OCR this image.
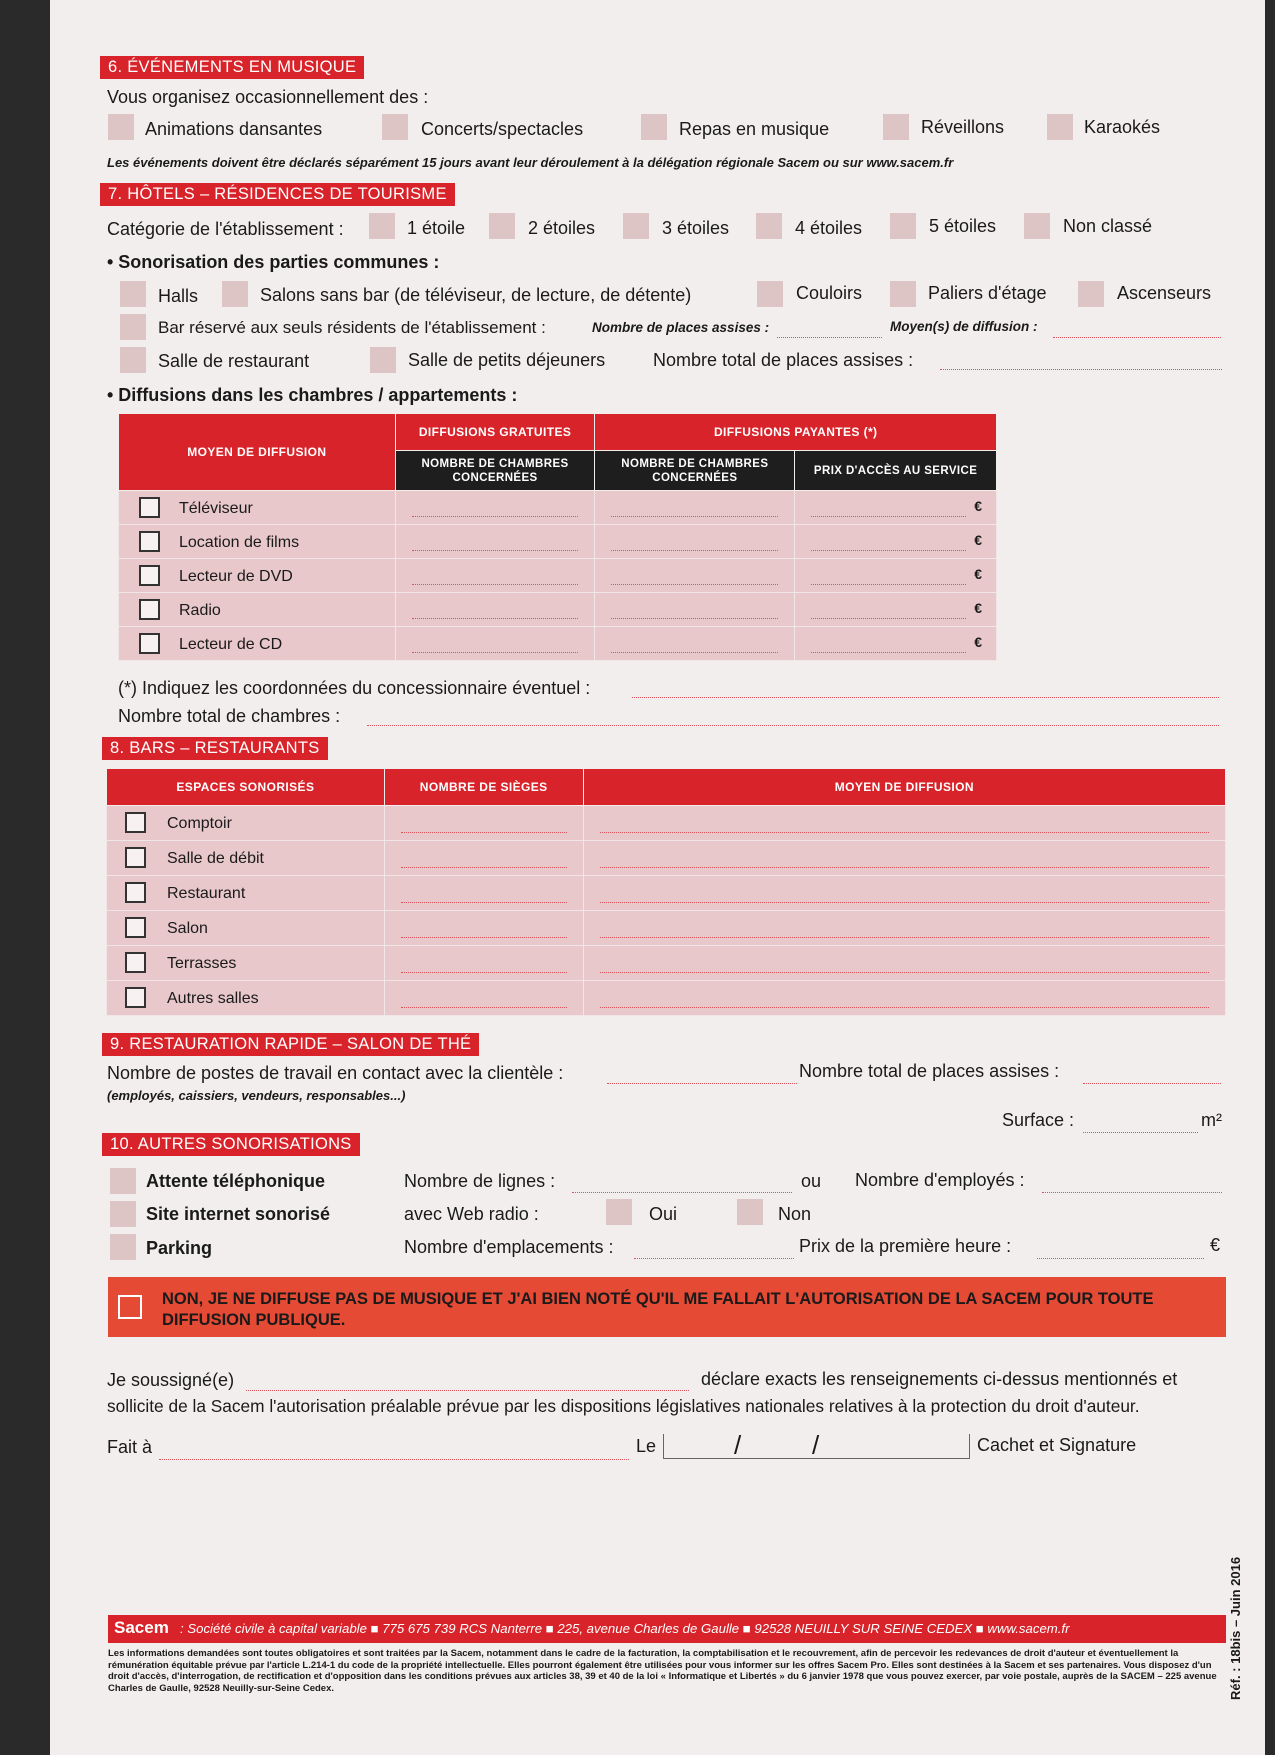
6. ÉVÉNEMENTS EN MUSIQUE
Vous organisez occasionnellement des :
Animations dansantes	Concerts/spectacles	Repas en musique	Réveillons	Karaokés
Les événements doivent être déclarés séparément 15 jours avant leur déroulement à la délégation régionale Sacem ou sur www.sacem.fr
7. HÔTELS – RÉSIDENCES DE TOURISME
Catégorie de l'établissement :	1 étoile	2 étoiles	3 étoiles	4 étoiles	5 étoiles	Non classé
• Sonorisation des parties communes :
Halls	Salons sans bar (de téléviseur, de lecture, de détente)	Couloirs	Paliers d'étage	Ascenseurs
Bar réservé aux seuls résidents de l'établissement :	Nombre de places assises :	Moyen(s) de diffusion :
Salle de restaurant	Salle de petits déjeuners	Nombre total de places assises :
• Diffusions dans les chambres / appartements :
MOYEN DE DIFFUSION	DIFFUSIONS GRATUITES	DIFFUSIONS PAYANTES (*)	
	NOMBRE DE CHAMBRES CONCERNÉES	NOMBRE DE CHAMBRES CONCERNÉES	PRIX D'ACCÈS AU SERVICE

Téléviseur			€

Location de films			€

Lecteur de DVD			€

Radio			€

Lecteur de CD			€
(*) Indiquez les coordonnées du concessionnaire éventuel :
Nombre total de chambres :
8. BARS – RESTAURANTS
ESPACES SONORISÉS	NOMBRE DE SIÈGES	MOYEN DE DIFFUSION

Comptoir		

Salle de débit		

Restaurant		

Salon		

Terrasses		

Autres salles		

9. RESTAURATION RAPIDE – SALON DE THÉ
Nombre de postes de travail en contact avec la clientèle :
(employés, caissiers, vendeurs, responsables...)
Nombre total de places assises :
Surface :	m²
10. AUTRES SONORISATIONS
Attente téléphonique	Nombre de lignes :	ou Nombre d'employés :
Site internet sonorisé	avec Web radio :	Oui	Non
Parking	Nombre d'emplacements :	Prix de la première heure :	€
NON, JE NE DIFFUSE PAS DE MUSIQUE ET J'AI BIEN NOTÉ QU'IL ME FALLAIT L'AUTORISATION DE LA SACEM POUR TOUTE DIFFUSION PUBLIQUE.
Je soussigné(e)	déclare exacts les renseignements ci-dessus mentionnés et
sollicite de la Sacem l'autorisation préalable prévue par les dispositions législatives nationales relatives à la protection du droit d'auteur.
Fait à	Le	/	/	Cachet et Signature
Sacem : Société civile à capital variable ■ 775 675 739 RCS Nanterre ■ 225, avenue Charles de Gaulle ■ 92528 NEUILLY SUR SEINE CEDEX ■ www.sacem.fr
Les informations demandées sont toutes obligatoires et sont traitées par la Sacem, notamment dans le cadre de la facturation, la comptabilisation et le recouvrement, afin de percevoir les redevances de droit d'auteur et éventuellement la rémunération équitable prévue par l'article L.214-1 du code de la propriété intellectuelle. Elles pourront également être utilisées pour vous informer sur les offres Sacem Pro. Elles sont destinées à la Sacem et ses partenaires. Vous disposez d'un droit d'accès, d'interrogation, de rectification et d'opposition dans les conditions prévues aux articles 38, 39 et 40 de la loi « Informatique et Libertés » du 6 janvier 1978 que vous pouvez exercer, par voie postale, auprès de la SACEM – 225 avenue Charles de Gaulle, 92528 Neuilly-sur-Seine Cedex.	Réf. : 18bis – Juin 2016
